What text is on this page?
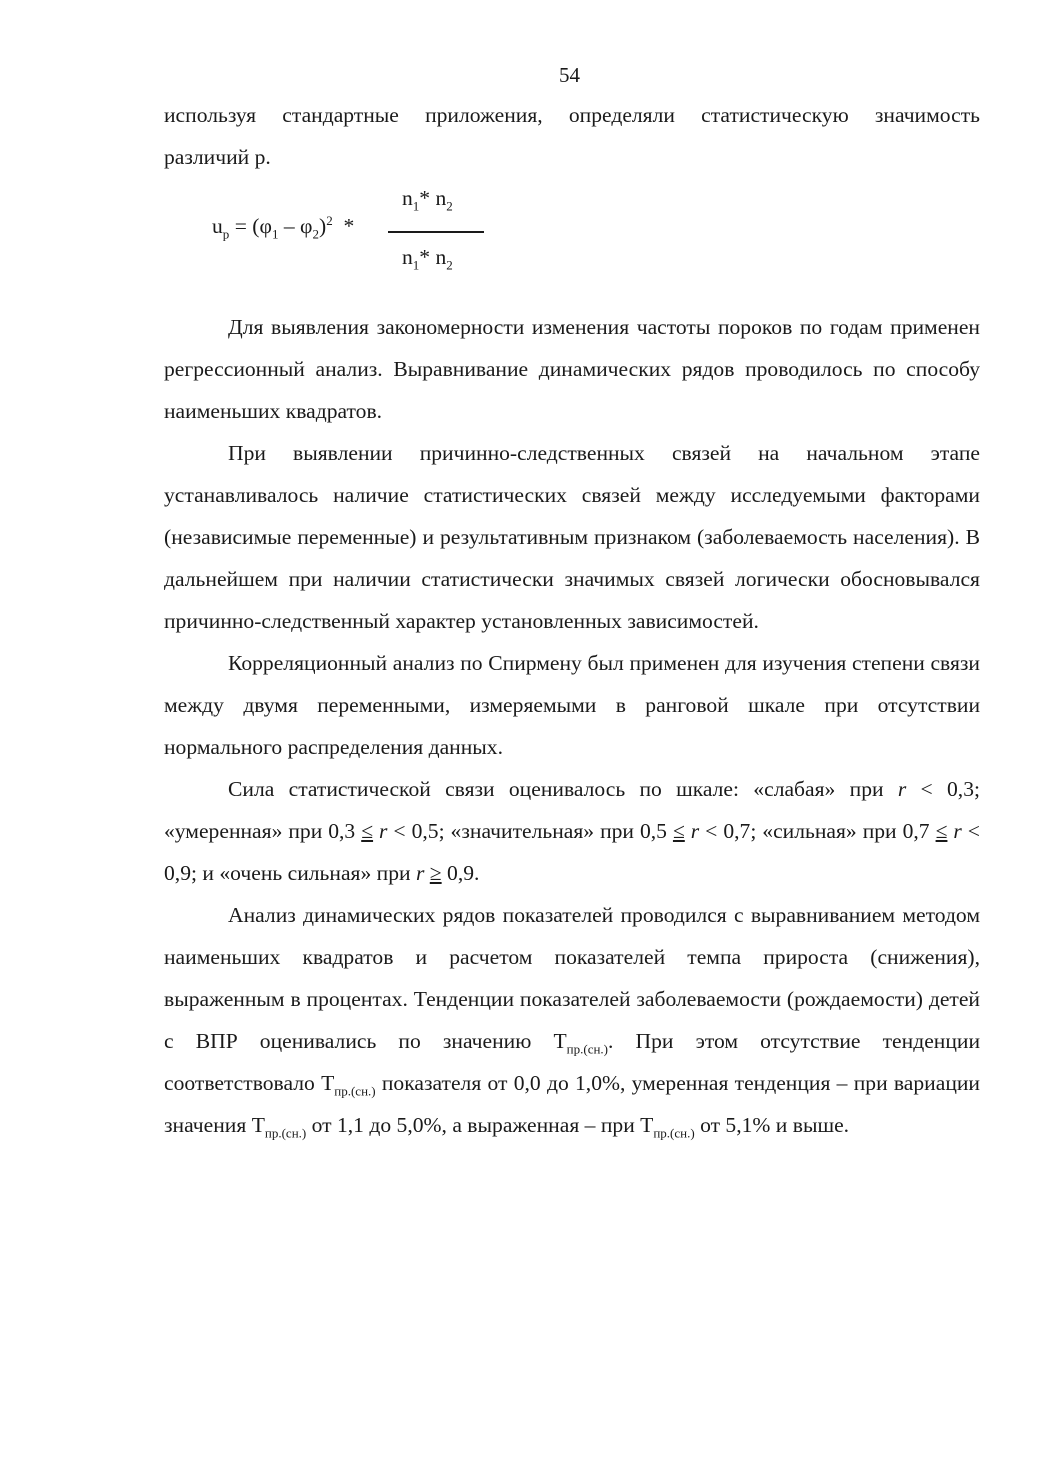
54
используя стандартные приложения, определяли статистическую значимость
различий р.
$u_p = (\varphi_1 - \varphi_2)^2$  *
$n_1*$ $n_2$
$n_1*$ $n_2$

Для выявления закономерности изменения частоты пороков по годам применен регрессионный анализ. Выравнивание динамических рядов проводилось по способу наименьших квадратов.

При выявлении причинно-следственных связей на начальном этапе устанавливалось наличие статистических связей между исследуемыми факторами (независимые переменные) и результативным признаком (заболеваемость населения). В дальнейшем при наличии статистически значимых связей логически обосновывался причинно-следственный характер установленных зависимостей.

Корреляционный анализ по Спирмену был применен для изучения степени связи между двумя переменными, измеряемыми в ранговой шкале при отсутствии нормального распределения данных.

Сила статистической связи оценивалось по шкале: «слабая» при r < 0,3; «умеренная» при 0,3 ≤ r < 0,5; «значительная» при 0,5 ≤ r < 0,7; «сильная» при 0,7 ≤ r < 0,9; и «очень сильная» при r ≥ 0,9.

Анализ динамических рядов показателей проводился с выравниванием методом наименьших квадратов и расчетом показателей темпа прироста (снижения), выраженным в процентах. Тенденции показателей заболеваемости (рождаемости) детей с ВПР оценивались по значению $Т_{пр.(сн.)}$. При этом отсутствие тенденции соответствовало $Т_{пр.(сн.)}$ показателя от 0,0 до 1,0%, умеренная тенденция – при вариации значения $Т_{пр.(сн.)}$ от 1,1 до 5,0%, а выраженная – при $Т_{пр.(сн.)}$ от 5,1% и выше.
